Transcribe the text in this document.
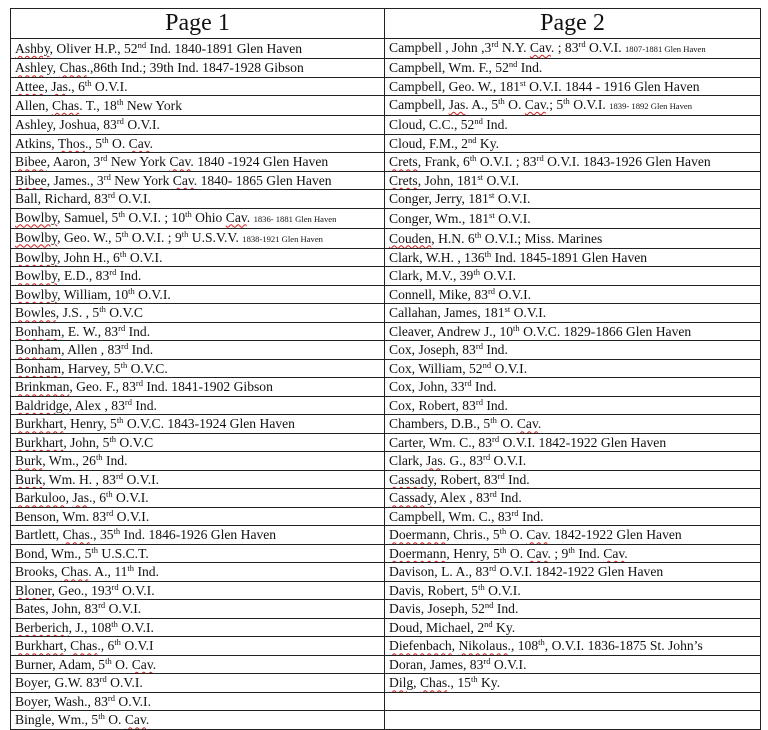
Page 1	Page 2
Ashby, Oliver H.P., 52nd Ind. 1840-1891 Glen Haven	Campbell , John ,3rd N.Y. Cav. ; 83rd O.V.I. 1807-1881 Glen Haven
Ashley, Chas.,86th Ind.; 39th Ind. 1847-1928 Gibson	Campbell, Wm. F., 52nd Ind.
Attee, Jas., 6th O.V.I.	Campbell, Geo. W., 181st O.V.I. 1844 - 1916 Glen Haven
Allen, Chas. T., 18th New York	Campbell, Jas. A., 5th O. Cav.; 5th O.V.I. 1839- 1892 Glen Haven
Ashley, Joshua, 83rd O.V.I.	Cloud, C.C., 52nd Ind.
Atkins, Thos., 5th O. Cav.	Cloud, F.M., 2nd Ky.
Bibee, Aaron, 3rd New York Cav. 1840 -1924 Glen Haven	Crets, Frank, 6th O.V.I. ; 83rd O.V.I. 1843-1926 Glen Haven
Bibee, James., 3rd New York Cav. 1840- 1865 Glen Haven	Crets, John, 181st O.V.I.
Ball, Richard, 83rd O.V.I.	Conger, Jerry, 181st O.V.I.
Bowlby, Samuel, 5th O.V.I. ; 10th Ohio Cav. 1836- 1881 Glen Haven	Conger, Wm., 181st O.V.I.
Bowlby, Geo. W., 5th O.V.I. ; 9th U.S.V.V. 1838-1921 Glen Haven	Couden, H.N. 6th O.V.I.; Miss. Marines
Bowlby, John H., 6th O.V.I.	Clark, W.H. , 136th Ind. 1845-1891 Glen Haven
Bowlby, E.D., 83rd Ind.	Clark, M.V., 39th O.V.I.
Bowlby, William, 10th O.V.I.	Connell, Mike, 83rd O.V.I.
Bowles, J.S. , 5th O.V.C	Callahan, James, 181st O.V.I.
Bonham, E. W., 83rd Ind.	Cleaver, Andrew J., 10th O.V.C. 1829-1866 Glen Haven
Bonham, Allen , 83rd Ind.	Cox, Joseph, 83rd Ind.
Bonham, Harvey, 5th O.V.C.	Cox, William, 52nd O.V.I.
Brinkman, Geo. F., 83rd Ind. 1841-1902 Gibson	Cox, John, 33rd Ind.
Baldridge, Alex , 83rd Ind.	Cox, Robert, 83rd Ind.
Burkhart, Henry, 5th O.V.C. 1843-1924 Glen Haven	Chambers, D.B., 5th O. Cav.
Burkhart, John, 5th O.V.C	Carter, Wm. C., 83rd O.V.I. 1842-1922 Glen Haven
Burk, Wm., 26th Ind.	Clark, Jas. G., 83rd O.V.I.
Burk, Wm. H. , 83rd O.V.I.	Cassady, Robert, 83rd Ind.
Barkuloo, Jas., 6th O.V.I.	Cassady, Alex , 83rd Ind.
Benson, Wm. 83rd O.V.I.	Campbell, Wm. C., 83rd Ind.
Bartlett, Chas., 35th Ind. 1846-1926 Glen Haven	Doermann, Chris., 5th O. Cav. 1842-1922 Glen Haven
Bond, Wm., 5th U.S.C.T.	Doermann, Henry, 5th O. Cav. ; 9th Ind. Cav.
Brooks, Chas. A., 11th Ind.	Davison, L. A., 83rd O.V.I. 1842-1922 Glen Haven
Bloner, Geo., 193rd O.V.I.	Davis, Robert, 5th O.V.I.
Bates, John, 83rd O.V.I.	Davis, Joseph, 52nd Ind.
Berberich, J., 108th O.V.I.	Doud, Michael, 2nd Ky.
Burkhart, Chas., 6th O.V.I	Diefenbach, Nikolaus., 108th, O.V.I. 1836-1875 St. John’s
Burner, Adam, 5th O. Cav.	Doran, James, 83rd O.V.I.
Boyer, G.W. 83rd O.V.I.	Dilg, Chas., 15th Ky.
Boyer, Wash., 83rd O.V.I.	
Bingle, Wm., 5th O. Cav.	
